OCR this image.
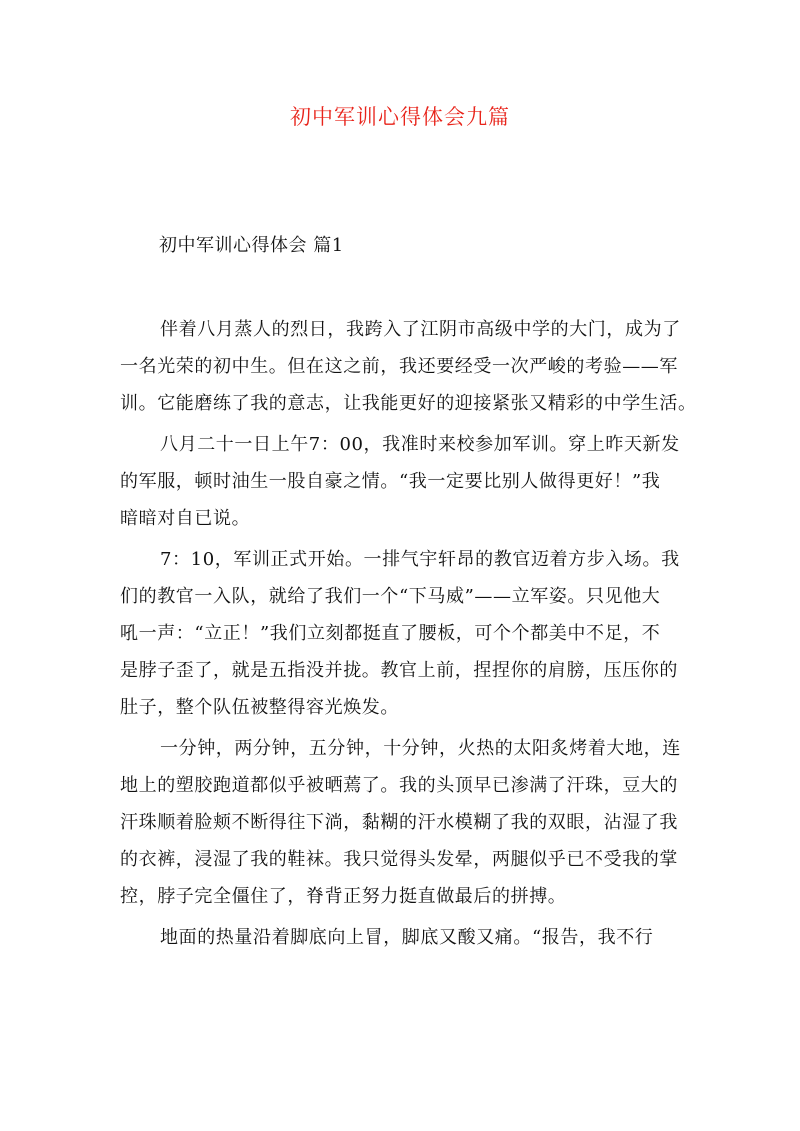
初中军训心得体会九篇
初中军训心得体会 篇1

伴着八月蒸人的烈日，我跨入了江阴市高级中学的大门，成为了
一名光荣的初中生。但在这之前，我还要经受一次严峻的考验——军
训。它能磨练了我的意志，让我能更好的迎接紧张又精彩的中学生活。

八月二十一日上午7：00，我准时来校参加军训。穿上昨天新发
的军服，顿时油生一股自豪之情。“我一定要比别人做得更好！”我
暗暗对自已说。

7：10，军训正式开始。一排气宇轩昂的教官迈着方步入场。我
们的教官一入队，就给了我们一个“下马威”——立军姿。只见他大
吼一声：“立正！”我们立刻都挺直了腰板，可个个都美中不足，不
是脖子歪了，就是五指没并拢。教官上前，捏捏你的肩膀，压压你的
肚子，整个队伍被整得容光焕发。

一分钟，两分钟，五分钟，十分钟，火热的太阳炙烤着大地，连
地上的塑胶跑道都似乎被晒蔫了。我的头顶早已渗满了汗珠，豆大的
汗珠顺着脸颊不断得往下淌，黏糊的汗水模糊了我的双眼，沾湿了我
的衣裤，浸湿了我的鞋袜。我只觉得头发晕，两腿似乎已不受我的掌
控，脖子完全僵住了，脊背正努力挺直做最后的拼搏。

地面的热量沿着脚底向上冒，脚底又酸又痛。“报告，我不行
